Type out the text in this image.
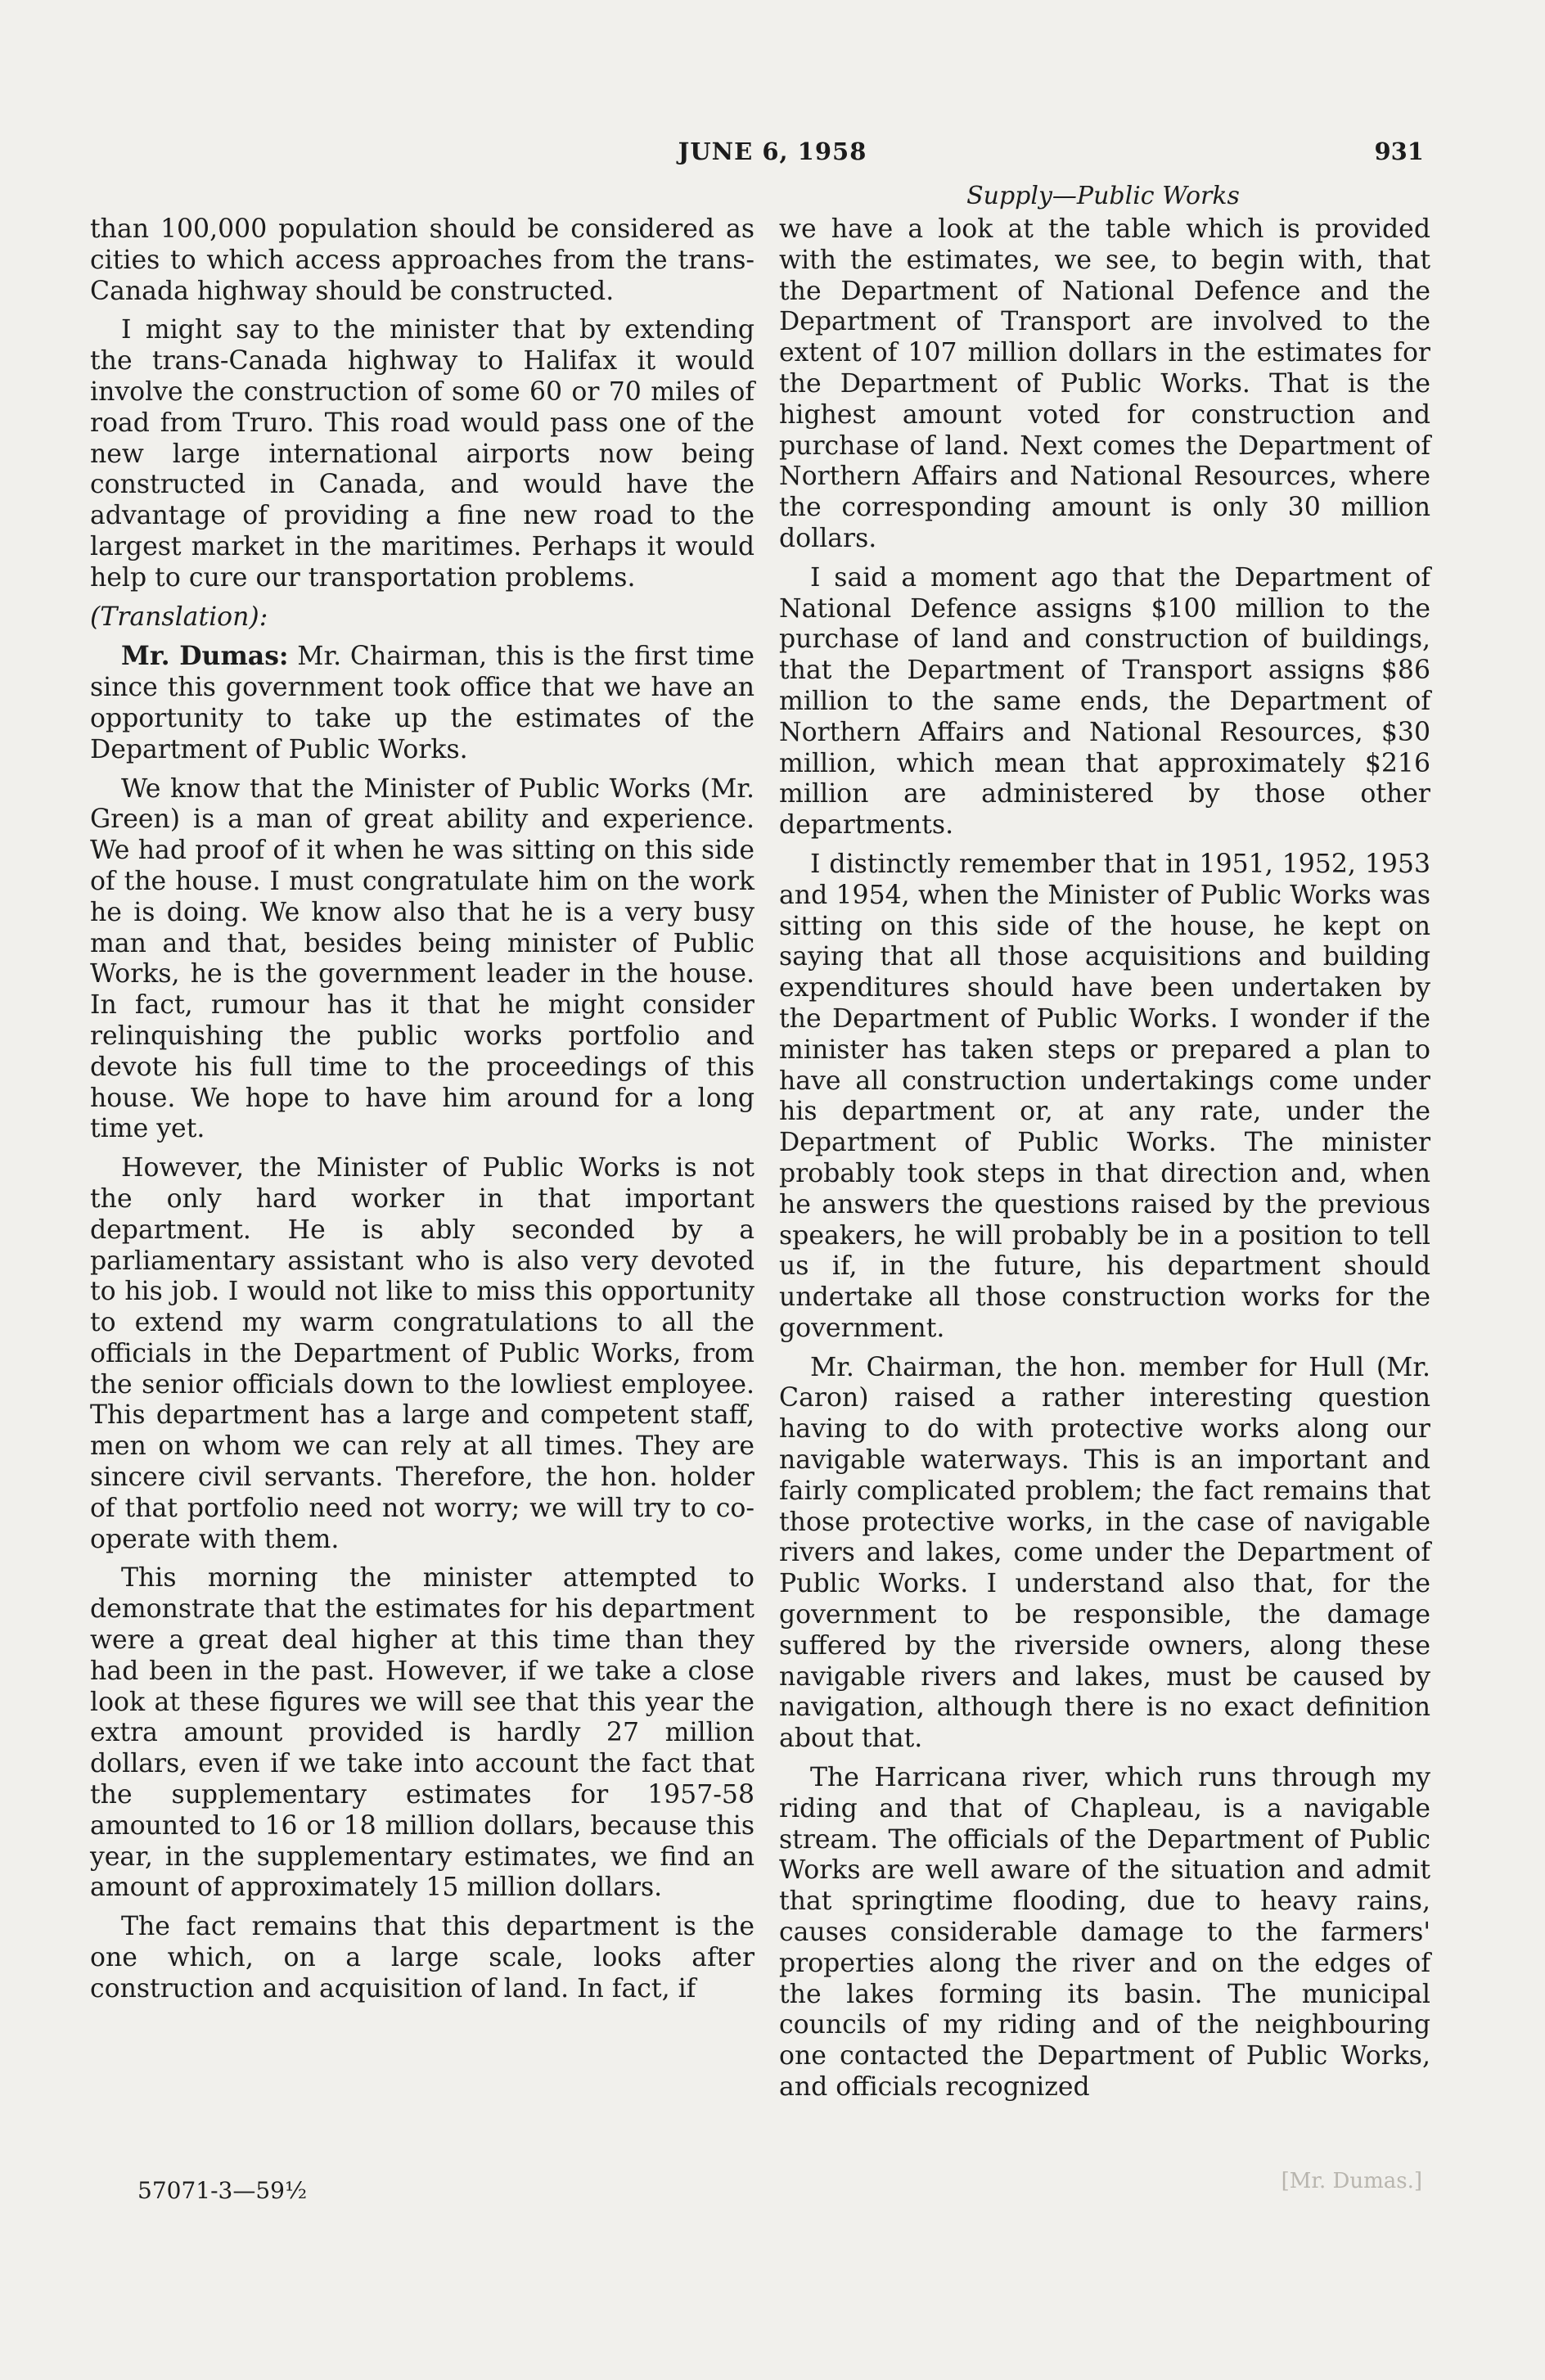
JUNE 6, 1958	931
Supply—Public Works

than 100,000 population should be considered as cities to which access approaches from the trans-Canada highway should be constructed.

I might say to the minister that by extending the trans-Canada highway to Halifax it would involve the construction of some 60 or 70 miles of road from Truro. This road would pass one of the new large international airports now being constructed in Canada, and would have the advantage of providing a fine new road to the largest market in the maritimes. Perhaps it would help to cure our transportation problems.

(Translation):

Mr. Dumas: Mr. Chairman, this is the first time since this government took office that we have an opportunity to take up the estimates of the Department of Public Works.

We know that the Minister of Public Works (Mr. Green) is a man of great ability and experience. We had proof of it when he was sitting on this side of the house. I must congratulate him on the work he is doing. We know also that he is a very busy man and that, besides being minister of Public Works, he is the government leader in the house. In fact, rumour has it that he might consider relinquishing the public works portfolio and devote his full time to the proceedings of this house. We hope to have him around for a long time yet.

However, the Minister of Public Works is not the only hard worker in that important department. He is ably seconded by a parliamentary assistant who is also very devoted to his job. I would not like to miss this opportunity to extend my warm congratulations to all the officials in the Department of Public Works, from the senior officials down to the lowliest employee. This department has a large and competent staff, men on whom we can rely at all times. They are sincere civil servants. Therefore, the hon. holder of that portfolio need not worry; we will try to co-operate with them.

This morning the minister attempted to demonstrate that the estimates for his department were a great deal higher at this time than they had been in the past. However, if we take a close look at these figures we will see that this year the extra amount provided is hardly 27 million dollars, even if we take into account the fact that the supplementary estimates for 1957-58 amounted to 16 or 18 million dollars, because this year, in the supplementary estimates, we find an amount of approximately 15 million dollars.

The fact remains that this department is the one which, on a large scale, looks after construction and acquisition of land. In fact, if

we have a look at the table which is provided with the estimates, we see, to begin with, that the Department of National Defence and the Department of Transport are involved to the extent of 107 million dollars in the estimates for the Department of Public Works. That is the highest amount voted for construction and purchase of land. Next comes the Department of Northern Affairs and National Resources, where the corresponding amount is only 30 million dollars.

I said a moment ago that the Department of National Defence assigns $100 million to the purchase of land and construction of buildings, that the Department of Transport assigns $86 million to the same ends, the Department of Northern Affairs and National Resources, $30 million, which mean that approximately $216 million are administered by those other departments.

I distinctly remember that in 1951, 1952, 1953 and 1954, when the Minister of Public Works was sitting on this side of the house, he kept on saying that all those acquisitions and building expenditures should have been undertaken by the Department of Public Works. I wonder if the minister has taken steps or prepared a plan to have all construction undertakings come under his department or, at any rate, under the Department of Public Works. The minister probably took steps in that direction and, when he answers the questions raised by the previous speakers, he will probably be in a position to tell us if, in the future, his department should undertake all those construction works for the government.

Mr. Chairman, the hon. member for Hull (Mr. Caron) raised a rather interesting question having to do with protective works along our navigable waterways. This is an important and fairly complicated problem; the fact remains that those protective works, in the case of navigable rivers and lakes, come under the Department of Public Works. I understand also that, for the government to be responsible, the damage suffered by the riverside owners, along these navigable rivers and lakes, must be caused by navigation, although there is no exact definition about that.

The Harricana river, which runs through my riding and that of Chapleau, is a navigable stream. The officials of the Department of Public Works are well aware of the situation and admit that springtime flooding, due to heavy rains, causes considerable damage to the farmers' properties along the river and on the edges of the lakes forming its basin. The municipal councils of my riding and of the neighbouring one contacted the Department of Public Works, and officials recognized

57071-3—59½	[Mr. Dumas.]
